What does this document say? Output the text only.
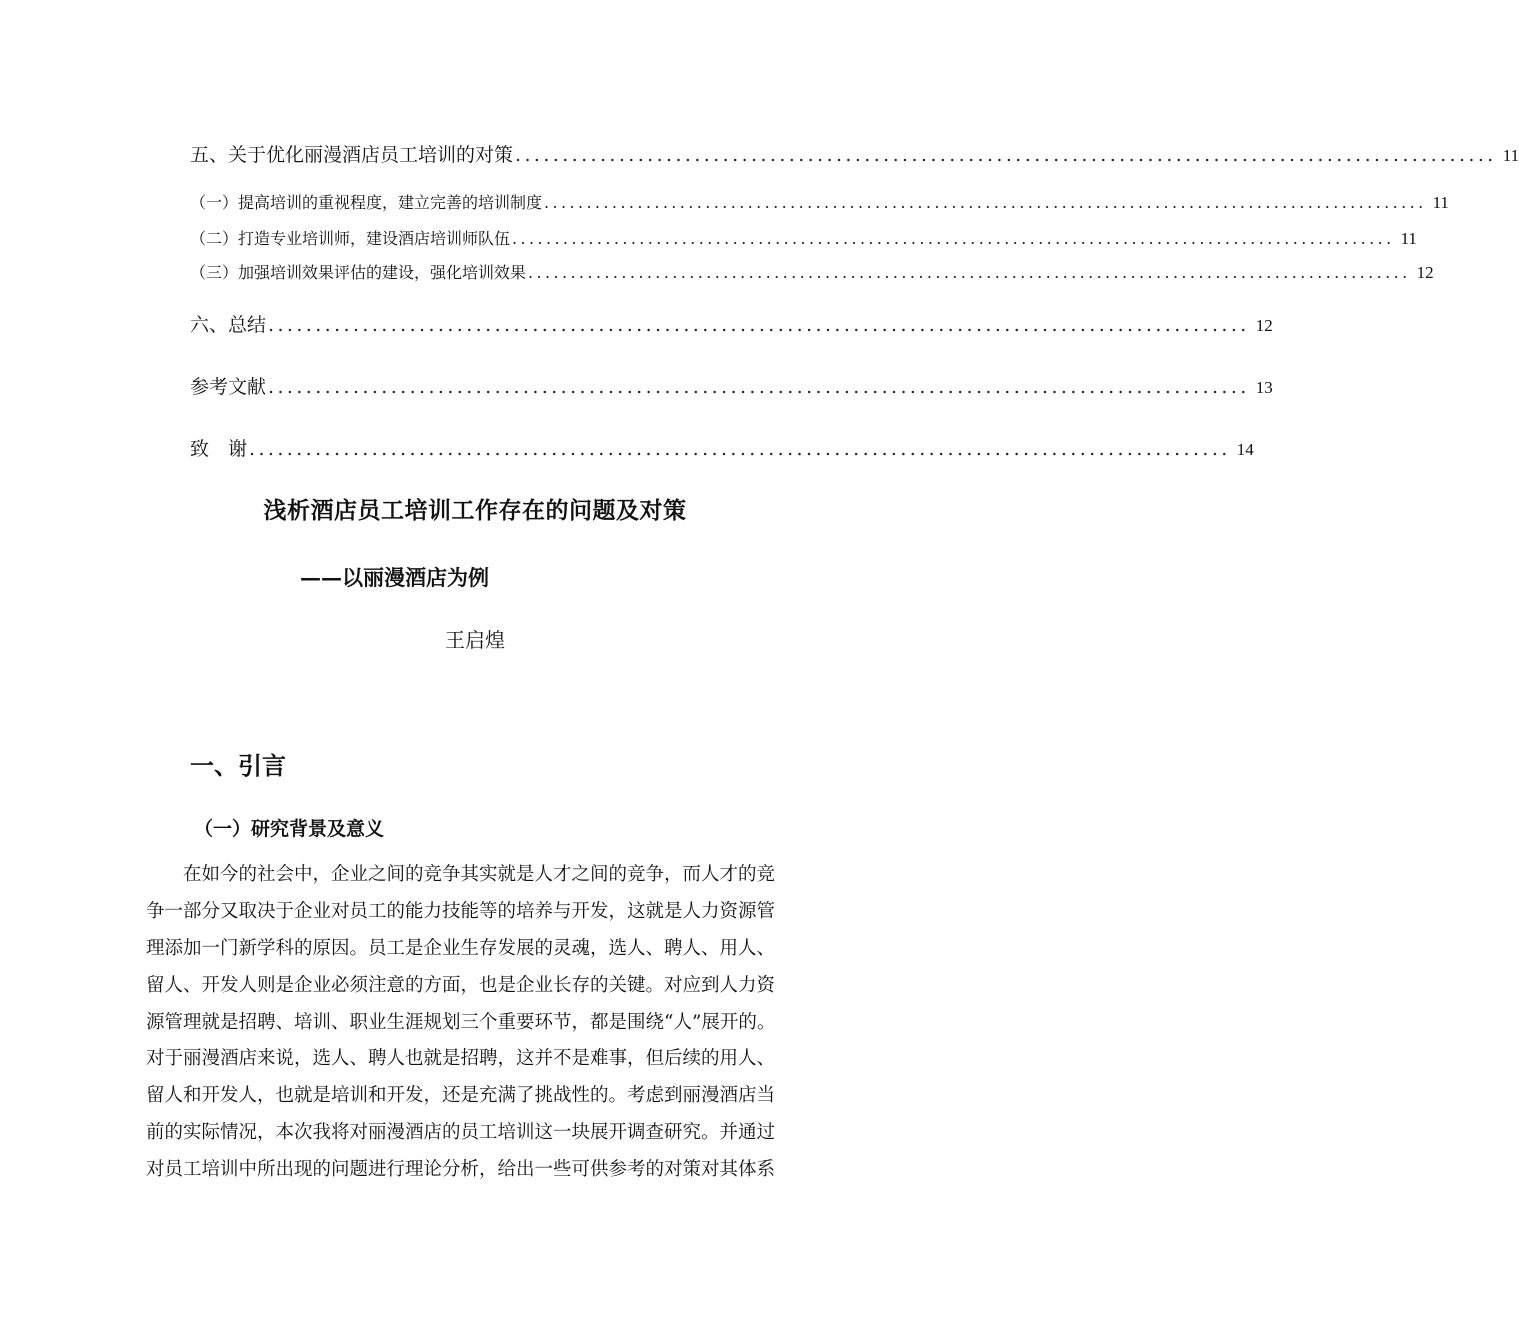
五、关于优化丽漫酒店员工培训的对策 ........................................................................................................ 11
（一）提高培训的重视程度，建立完善的培训制度 ........................................................................................................ 11
（二）打造专业培训师，建设酒店培训师队伍 ........................................................................................................ 11
（三）加强培训效果评估的建设，强化培训效果 ........................................................................................................ 12
六、总结 ........................................................................................................ 12
参考文献 ........................................................................................................ 13
致　谢 ........................................................................................................ 14
浅析酒店员工培训工作存在的问题及对策
——以丽漫酒店为例
王启煌
一、引言
（一）研究背景及意义
　　在如今的社会中，企业之间的竞争其实就是人才之间的竞争，而人才的竞
争一部分又取决于企业对员工的能力技能等的培养与开发，这就是人力资源管
理添加一门新学科的原因。员工是企业生存发展的灵魂，选人、聘人、用人、
留人、开发人则是企业必须注意的方面，也是企业长存的关键。对应到人力资
源管理就是招聘、培训、职业生涯规划三个重要环节，都是围绕“人”展开的。
对于丽漫酒店来说，选人、聘人也就是招聘，这并不是难事，但后续的用人、
留人和开发人，也就是培训和开发，还是充满了挑战性的。考虑到丽漫酒店当
前的实际情况，本次我将对丽漫酒店的员工培训这一块展开调查研究。并通过
对员工培训中所出现的问题进行理论分析，给出一些可供参考的对策对其体系
